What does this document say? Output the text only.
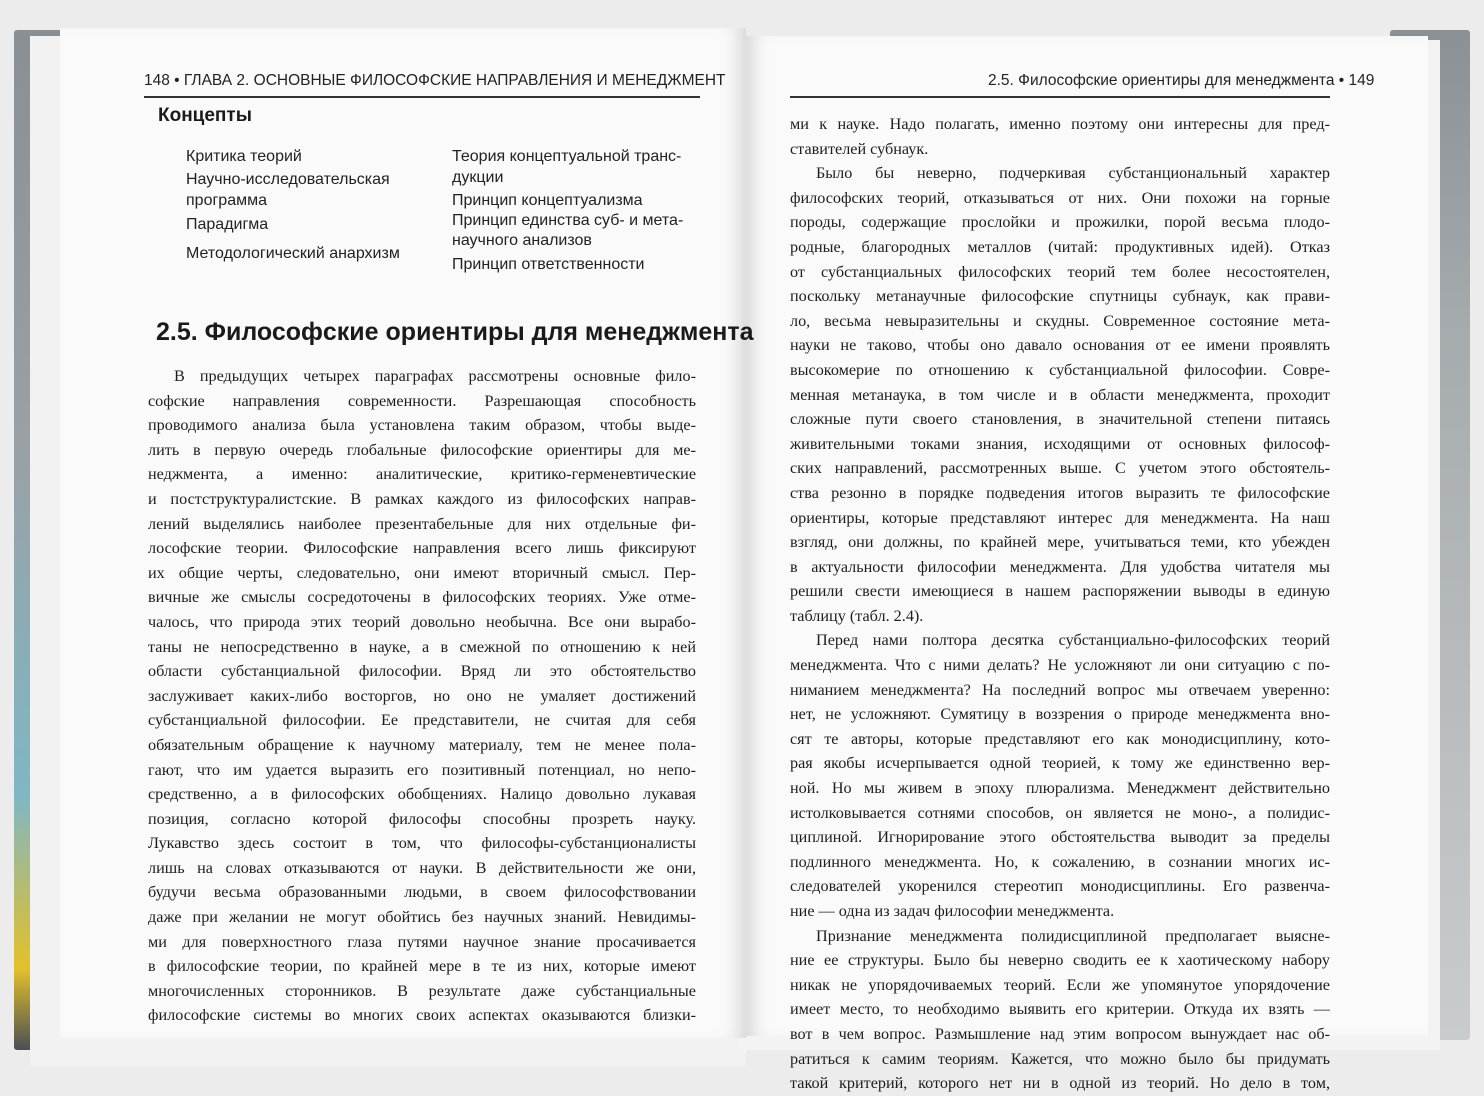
148 • ГЛАВА 2. ОСНОВНЫЕ ФИЛОСОФСКИЕ НАПРАВЛЕНИЯ И МЕНЕДЖМЕНТ	2.5. Философские ориентиры для менеджмента • 149
Концепты
Критика теорий
Научно-исследовательская
программа
Парадигма
Методологический анархизм
Теория концептуальной транс-
дукции
Принцип концептуализма
Принцип единства суб- и мета-
научного анализов
Принцип ответственности
2.5. Философские ориентиры для менеджмента
В предыдущих четырех параграфах рассмотрены основные фило-
софские направления современности. Разрешающая способность
проводимого анализа была установлена таким образом, чтобы выде-
лить в первую очередь глобальные философские ориентиры для ме-
неджмента, а именно: аналитические, критико-герменевтические
и постструктуралистские. В рамках каждого из философских направ-
лений выделялись наиболее презентабельные для них отдельные фи-
лософские теории. Философские направления всего лишь фиксируют
их общие черты, следовательно, они имеют вторичный смысл. Пер-
вичные же смыслы сосредоточены в философских теориях. Уже отме-
чалось, что природа этих теорий довольно необычна. Все они вырабо-
таны не непосредственно в науке, а в смежной по отношению к ней
области субстанциальной философии. Вряд ли это обстоятельство
заслуживает каких-либо восторгов, но оно не умаляет достижений
субстанциальной философии. Ее представители, не считая для себя
обязательным обращение к научному материалу, тем не менее пола-
гают, что им удается выразить его позитивный потенциал, но непо-
средственно, а в философских обобщениях. Налицо довольно лукавая
позиция, согласно которой философы способны прозреть науку.
Лукавство здесь состоит в том, что философы-субстанционалисты
лишь на словах отказываются от науки. В действительности же они,
будучи весьма образованными людьми, в своем философствовании
даже при желании не могут обойтись без научных знаний. Невидимы-
ми для поверхностного глаза путями научное знание просачивается
в философские теории, по крайней мере в те из них, которые имеют
многочисленных сторонников. В результате даже субстанциальные
философские системы во многих своих аспектах оказываются близки-
ми к науке. Надо полагать, именно поэтому они интересны для пред-
ставителей субнаук.
Было бы неверно, подчеркивая субстанциональный характер
философских теорий, отказываться от них. Они похожи на горные
породы, содержащие прослойки и прожилки, порой весьма плодо-
родные, благородных металлов (читай: продуктивных идей). Отказ
от субстанциальных философских теорий тем более несостоятелен,
поскольку метанаучные философские спутницы субнаук, как прави-
ло, весьма невыразительны и скудны. Современное состояние мета-
науки не таково, чтобы оно давало основания от ее имени проявлять
высокомерие по отношению к субстанциальной философии. Совре-
менная метанаука, в том числе и в области менеджмента, проходит
сложные пути своего становления, в значительной степени питаясь
живительными токами знания, исходящими от основных философ-
ских направлений, рассмотренных выше. С учетом этого обстоятель-
ства резонно в порядке подведения итогов выразить те философские
ориентиры, которые представляют интерес для менеджмента. На наш
взгляд, они должны, по крайней мере, учитываться теми, кто убежден
в актуальности философии менеджмента. Для удобства читателя мы
решили свести имеющиеся в нашем распоряжении выводы в единую
таблицу (табл. 2.4).
Перед нами полтора десятка субстанциально-философских теорий
менеджмента. Что с ними делать? Не усложняют ли они ситуацию с по-
ниманием менеджмента? На последний вопрос мы отвечаем уверенно:
нет, не усложняют. Сумятицу в воззрения о природе менеджмента вно-
сят те авторы, которые представляют его как монодисциплину, кото-
рая якобы исчерпывается одной теорией, к тому же единственно вер-
ной. Но мы живем в эпоху плюрализма. Менеджмент действительно
истолковывается сотнями способов, он является не моно-, а полидис-
циплиной. Игнорирование этого обстоятельства выводит за пределы
подлинного менеджмента. Но, к сожалению, в сознании многих ис-
следователей укоренился стереотип монодисциплины. Его развенча-
ние — одна из задач философии менеджмента.
Признание менеджмента полидисциплиной предполагает выясне-
ние ее структуры. Было бы неверно сводить ее к хаотическому набору
никак не упорядочиваемых теорий. Если же упомянутое упорядочение
имеет место, то необходимо выявить его критерии. Откуда их взять —
вот в чем вопрос. Размышление над этим вопросом вынуждает нас об-
ратиться к самим теориям. Кажется, что можно было бы придумать
такой критерий, которого нет ни в одной из теорий. Но дело в том,
